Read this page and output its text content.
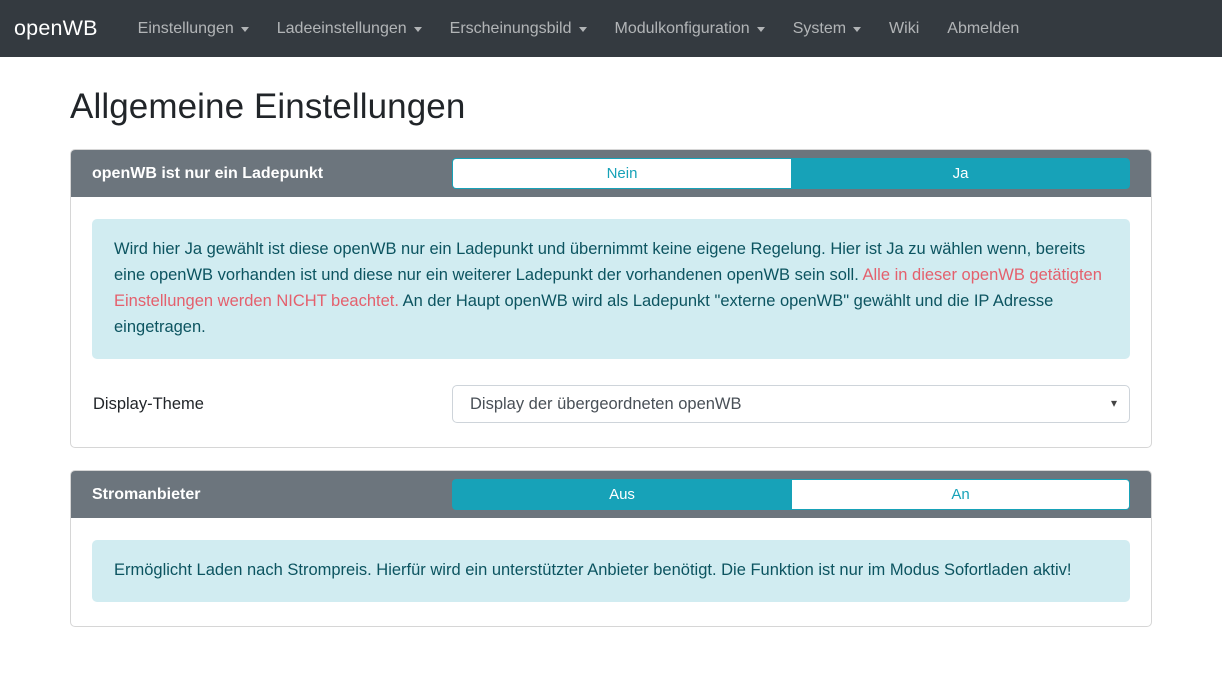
openWB	Einstellungen	Ladeeinstellungen	Erscheinungsbild	Modulkonfiguration	System	Wiki Abmelden
Allgemeine Einstellungen
openWB ist nur ein Ladepunkt	Nein	Ja
Wird hier Ja gewählt ist diese openWB nur ein Ladepunkt und übernimmt keine eigene Regelung. Hier ist Ja zu wählen wenn, bereits eine openWB vorhanden ist und diese nur ein weiterer Ladepunkt der vorhandenen openWB sein soll. Alle in dieser openWB getätigten Einstellungen werden NICHT beachtet. An der Haupt openWB wird als Ladepunkt "externe openWB" gewählt und die IP Adresse eingetragen.
Display-Theme
Display der übergeordneten openWB	▾
Stromanbieter	Aus	An
Ermöglicht Laden nach Strompreis. Hierfür wird ein unterstützter Anbieter benötigt. Die Funktion ist nur im Modus Sofortladen aktiv!
